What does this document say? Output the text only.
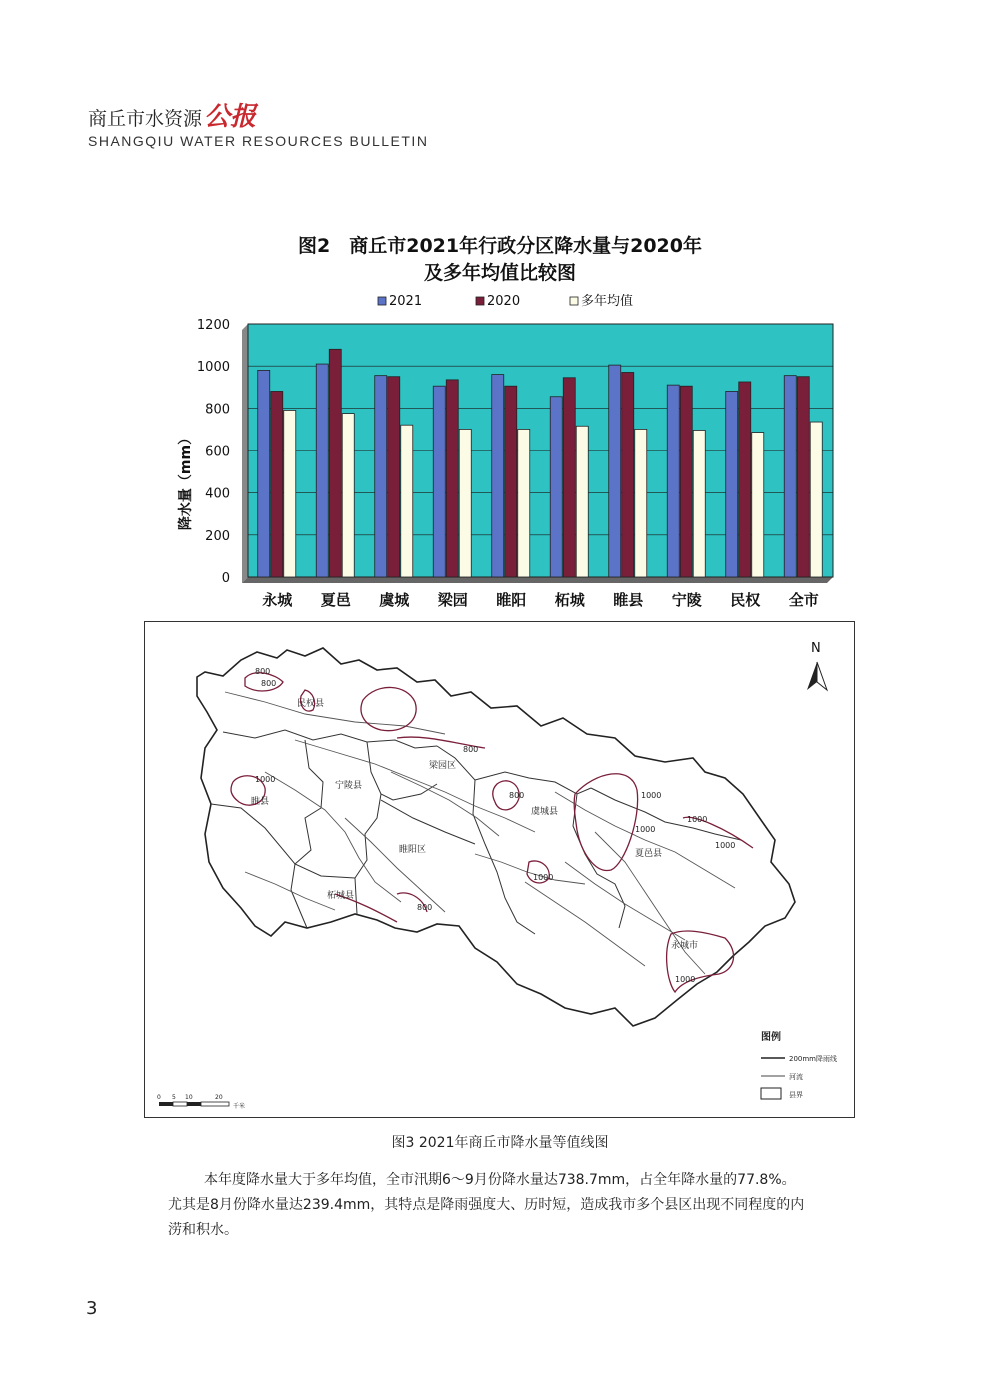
商丘市水资源公报
SHANGQIU WATER RESOURCES BULLETIN
图2　商丘市2021年行政分区降水量与2020年
及多年均值比较图
2021	2020	多年均值
0
200
400
600
800
1000
1200
降水量（mm）
永城 夏邑 虞城 梁园 睢阳 柘城 睢县 宁陵 民权 全市
民权县
梁园区
宁陵县
睢县
虞城县
睢阳区	夏邑县
柘城县
永城市
800
800
800
1000
800	1000
1000
1000
1000
1000
800
1000
N
图例
200mm降雨线
河流
县界
0 5 10	20
千米
图3 2021年商丘市降水量等值线图

本年度降水量大于多年均值，全市汛期6～9月份降水量达738.7mm，占全年降水量的77.8%。尤其是8月份降水量达239.4mm，其特点是降雨强度大、历时短，造成我市多个县区出现不同程度的内涝和积水。

3
